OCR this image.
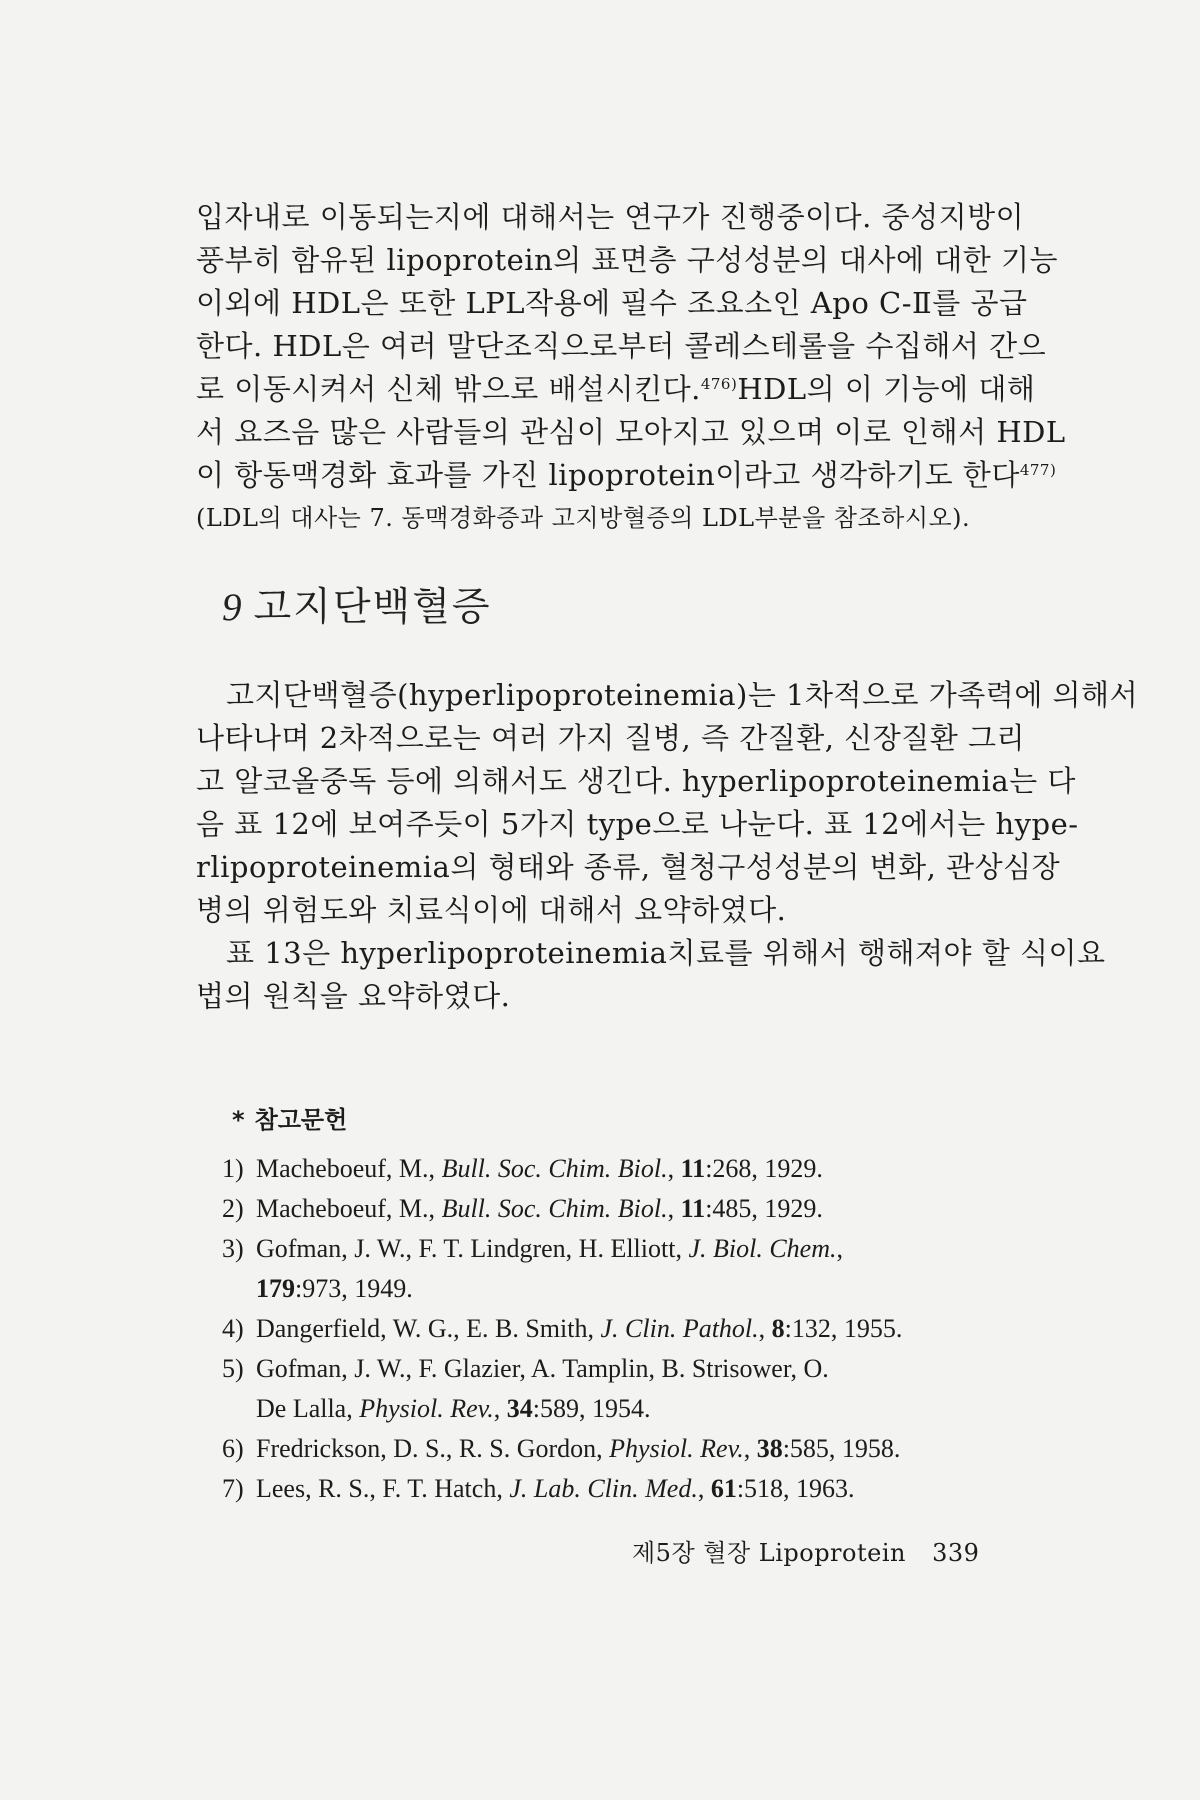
입자내로 이동되는지에 대해서는 연구가 진행중이다. 중성지방이
풍부히 함유된 lipoprotein의 표면층 구성성분의 대사에 대한 기능
이외에 HDL은 또한 LPL작용에 필수 조요소인 Apo C-Ⅱ를 공급
한다. HDL은 여러 말단조직으로부터 콜레스테롤을 수집해서 간으
로 이동시켜서 신체 밖으로 배설시킨다.$^{476)}$ HDL의 이 기능에 대해
서 요즈음 많은 사람들의 관심이 모아지고 있으며 이로 인해서 HDL
이 항동맥경화 효과를 가진 lipoprotein이라고 생각하기도 한다$^{477)}$
(LDL의 대사는 7. 동맥경화증과 고지방혈증의 LDL부분을 참조하시오).
9 고지단백혈증
고지단백혈증(hyperlipoproteinemia)는 1차적으로 가족력에 의해서
나타나며 2차적으로는 여러 가지 질병, 즉 간질환, 신장질환 그리
고 알코올중독 등에 의해서도 생긴다. hyperlipoproteinemia는 다
음 표 12에 보여주듯이 5가지 type으로 나눈다. 표 12에서는 hype-
rlipoproteinemia의 형태와 종류, 혈청구성성분의 변화, 관상심장
병의 위험도와 치료식이에 대해서 요약하였다.
표 13은 hyperlipoproteinemia치료를 위해서 행해져야 할 식이요
법의 원칙을 요약하였다.
* 참고문헌
1) Macheboeuf, M., Bull. Soc. Chim. Biol., 11:268, 1929.
2) Macheboeuf, M., Bull. Soc. Chim. Biol., 11:485, 1929.
3) Gofman, J. W., F. T. Lindgren, H. Elliott, J. Biol. Chem.,
179:973, 1949.
4) Dangerfield, W. G., E. B. Smith, J. Clin. Pathol., 8:132, 1955.
5) Gofman, J. W., F. Glazier, A. Tamplin, B. Strisower, O.
De Lalla, Physiol. Rev., 34:589, 1954.
6) Fredrickson, D. S., R. S. Gordon, Physiol. Rev., 38:585, 1958.
7) Lees, R. S., F. T. Hatch, J. Lab. Clin. Med., 61:518, 1963.
제5장 혈장 Lipoprotein 339
